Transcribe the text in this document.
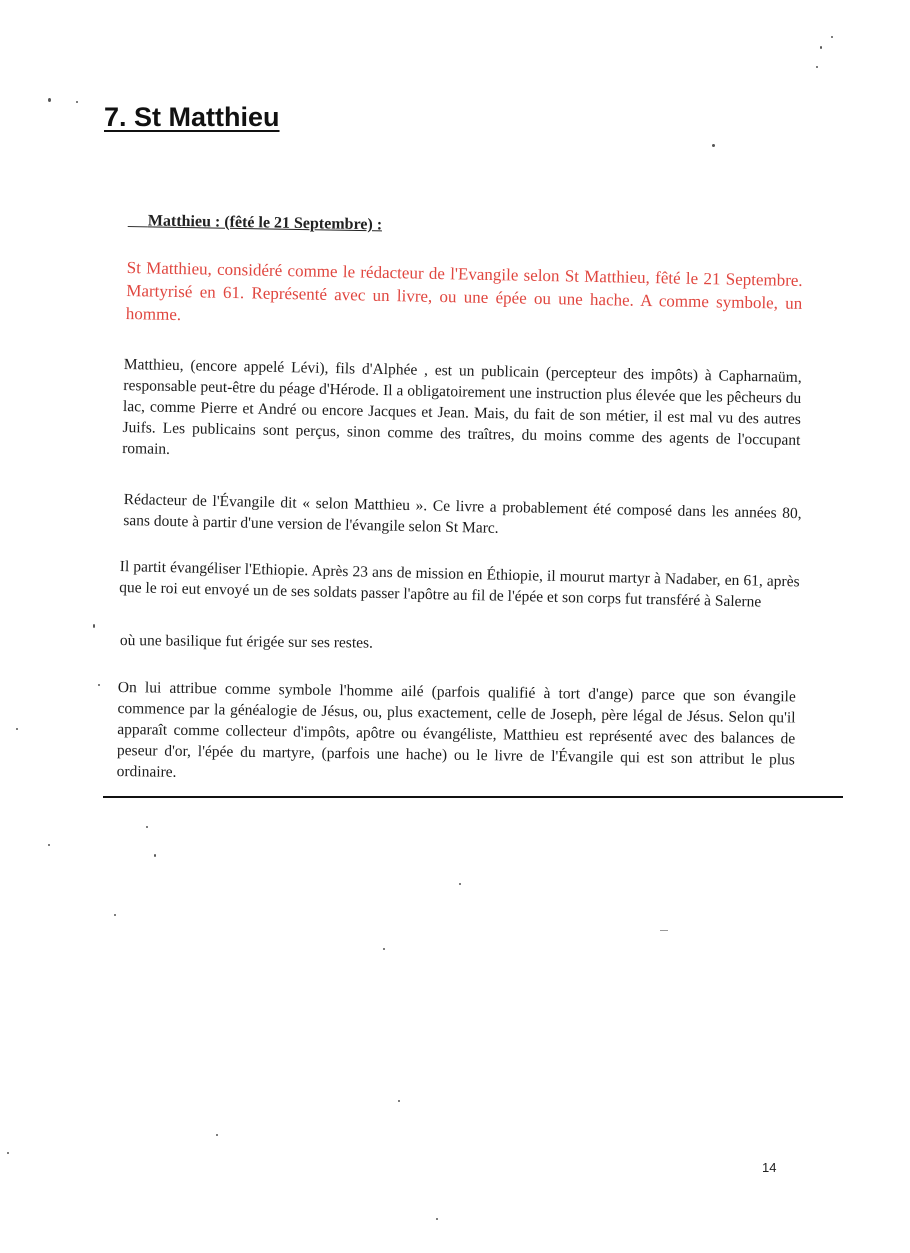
7. St Matthieu
Matthieu : (fêté le 21 Septembre) :

St Matthieu, considéré comme le rédacteur de l'Evangile selon St Matthieu, fêté le 21 Septembre. Martyrisé en 61. Représenté avec un livre, ou une épée ou une hache. A comme symbole, un homme.

Matthieu, (encore appelé Lévi), fils d'Alphée , est un publicain (percepteur des impôts) à Capharnaüm, responsable peut-être du péage d'Hérode. Il a obligatoirement une instruction plus élevée que les pêcheurs du lac, comme Pierre et André ou encore Jacques et Jean. Mais, du fait de son métier, il est mal vu des autres Juifs. Les publicains sont perçus, sinon comme des traîtres, du moins comme des agents de l'occupant romain.

Rédacteur de l'Évangile dit « selon Matthieu ». Ce livre a probablement été composé dans les années 80, sans doute à partir d'une version de l'évangile selon St Marc.

Il partit évangéliser l'Ethiopie. Après 23 ans de mission en Éthiopie, il mourut martyr à Nadaber, en 61, après que le roi eut envoyé un de ses soldats passer l'apôtre au fil de l'épée et son corps fut transféré à Salerne

où une basilique fut érigée sur ses restes.

On lui attribue comme symbole l'homme ailé (parfois qualifié à tort d'ange) parce que son évangile commence par la généalogie de Jésus, ou, plus exactement, celle de Joseph, père légal de Jésus. Selon qu'il apparaît comme collecteur d'impôts, apôtre ou évangéliste, Matthieu est représenté avec des balances de peseur d'or, l'épée du martyre, (parfois une hache) ou le livre de l'Évangile qui est son attribut le plus ordinaire.

14
